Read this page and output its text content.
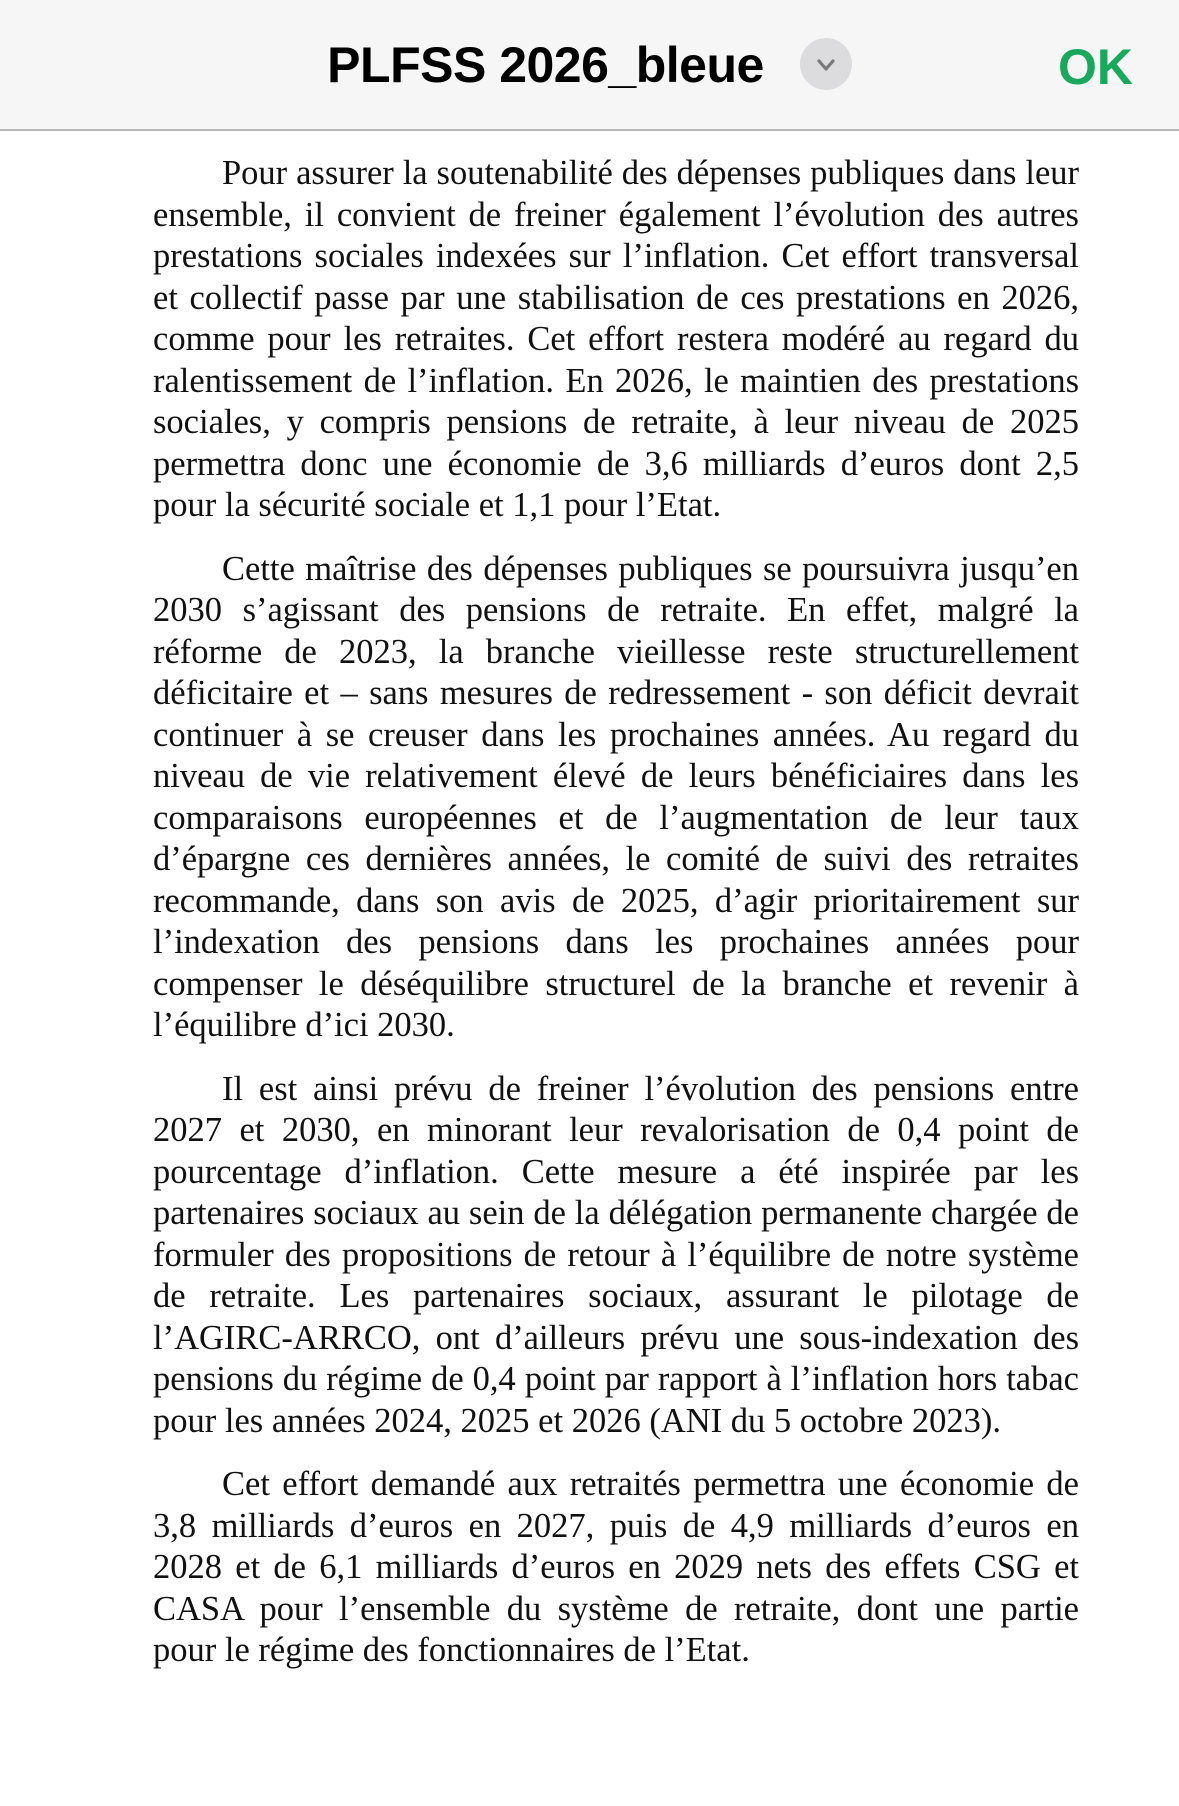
PLFSS 2026_bleue	OK

Pour assurer la soutenabilité des dépenses publiques dans leur ensemble, il convient de freiner également l’évolution des autres prestations sociales indexées sur l’inflation. Cet effort transversal et collectif passe par une stabilisation de ces prestations en 2026, comme pour les retraites. Cet effort restera modéré au regard du ralentissement de l’inflation. En 2026, le maintien des prestations sociales, y compris pensions de retraite, à leur niveau de 2025 permettra donc une économie de 3,6 milliards d’euros dont 2,5 pour la sécurité sociale et 1,1 pour l’Etat.

Cette maîtrise des dépenses publiques se poursuivra jusqu’en 2030 s’agissant des pensions de retraite. En effet, malgré la réforme de 2023, la branche vieillesse reste structurellement déficitaire et – sans mesures de redressement - son déficit devrait continuer à se creuser dans les prochaines années. Au regard du niveau de vie relativement élevé de leurs bénéficiaires dans les comparaisons européennes et de l’augmentation de leur taux d’épargne ces dernières années, le comité de suivi des retraites recommande, dans son avis de 2025, d’agir prioritairement sur l’indexation des pensions dans les prochaines années pour compenser le déséquilibre structurel de la branche et revenir à l’équilibre d’ici 2030.

Il est ainsi prévu de freiner l’évolution des pensions entre 2027 et 2030, en minorant leur revalorisation de 0,4 point de pourcentage d’inflation. Cette mesure a été inspirée par les partenaires sociaux au sein de la délégation permanente chargée de formuler des propositions de retour à l’équilibre de notre système de retraite. Les partenaires sociaux, assurant le pilotage de l’AGIRC-ARRCO, ont d’ailleurs prévu une sous-indexation des pensions du régime de 0,4 point par rapport à l’inflation hors tabac pour les années 2024, 2025 et 2026 (ANI du 5 octobre 2023).

Cet effort demandé aux retraités permettra une économie de 3,8 milliards d’euros en 2027, puis de 4,9 milliards d’euros en 2028 et de 6,1 milliards d’euros en 2029 nets des effets CSG et CASA pour l’ensemble du système de retraite, dont une partie pour le régime des fonctionnaires de l’Etat.
